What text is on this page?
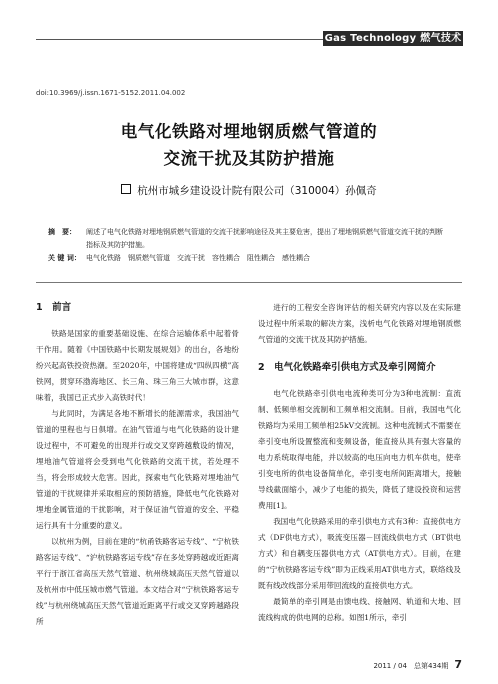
Gas Technology 燃气技术
doi:10.3969/j.issn.1671-5152.2011.04.002
电气化铁路对埋地钢质燃气管道的
交流干扰及其防护措施
杭州市城乡建设设计院有限公司（310004）孙佩奇
摘　要： 阐述了电气化铁路对埋地钢质燃气管道的交流干扰影响途径及其主要危害，提出了埋地钢质燃气管道交流干扰的判断指标及其防护措施。
关 键 词： 电气化铁路　钢质燃气管道　交流干扰　容性耦合　阻性耦合　感性耦合
1　前言

铁路是国家的重要基础设施、在综合运输体系中起着骨干作用。随着《中国铁路中长期发展规划》的出台，各地纷纷兴起高铁投资热潮。至2020年，中国将建成“四纵四横”高铁网，贯穿环渤海地区、长三角、珠三角三大城市群，这意味着，我国已正式步入高铁时代！

与此同时，为满足各地不断增长的能源需求，我国油气管道的里程也与日俱增。在油气管道与电气化铁路的设计建设过程中，不可避免的出现并行或交叉穿跨越敷设的情况，埋地油气管道将会受到电气化铁路的交流干扰，若处理不当，将会形成较大危害。因此，探索电气化铁路对埋地油气管道的干扰规律并采取相应的预防措施，降低电气化铁路对埋地金属管道的干扰影响，对于保证油气管道的安全、平稳运行具有十分重要的意义。

以杭州为例，目前在建的“杭甬铁路客运专线”、“宁杭铁路客运专线”、“沪杭铁路客运专线”存在多处穿跨越或近距离平行于浙江省高压天然气管道、杭州绕城高压天然气管道以及杭州市中低压城市燃气管道。本文结合对“宁杭铁路客运专线”与杭州绕城高压天然气管道近距离平行或交叉穿跨越路段所

进行的工程安全咨询评估的相关研究内容以及在实际建设过程中所采取的解决方案，浅析电气化铁路对埋地钢质燃气管道的交流干扰及其防护措施。

2　电气化铁路牵引供电方式及牵引网简介

电气化铁路牵引供电电流种类可分为3种电流制：直流制、低频单相交流制和工频单相交流制。目前，我国电气化铁路均为采用工频单相25kV交流制。这种电流制式不需要在牵引变电所设置整流和变频设备，能直接从具有强大容量的电力系统取得电能，并以较高的电压向电力机车供电，使牵引变电所的供电设备简单化，牵引变电所间距离增大，接触导线截面缩小，减少了电能的损失，降低了建设投资和运营费用[1]。

我国电气化铁路采用的牵引供电方式有3种：直接供电方式（DF供电方式），吸流变压器－回流线供电方式（BT供电方式）和自耦变压器供电方式（AT供电方式）。目前，在建的“宁杭铁路客运专线”即为正线采用AT供电方式，联络线及既有线改线部分采用带回流线的直接供电方式。

最简单的牵引网是由馈电线、接触网、轨道和大地、回流线构成的供电网的总称。如图1所示，牵引

2011 / 04　总第434期 7
